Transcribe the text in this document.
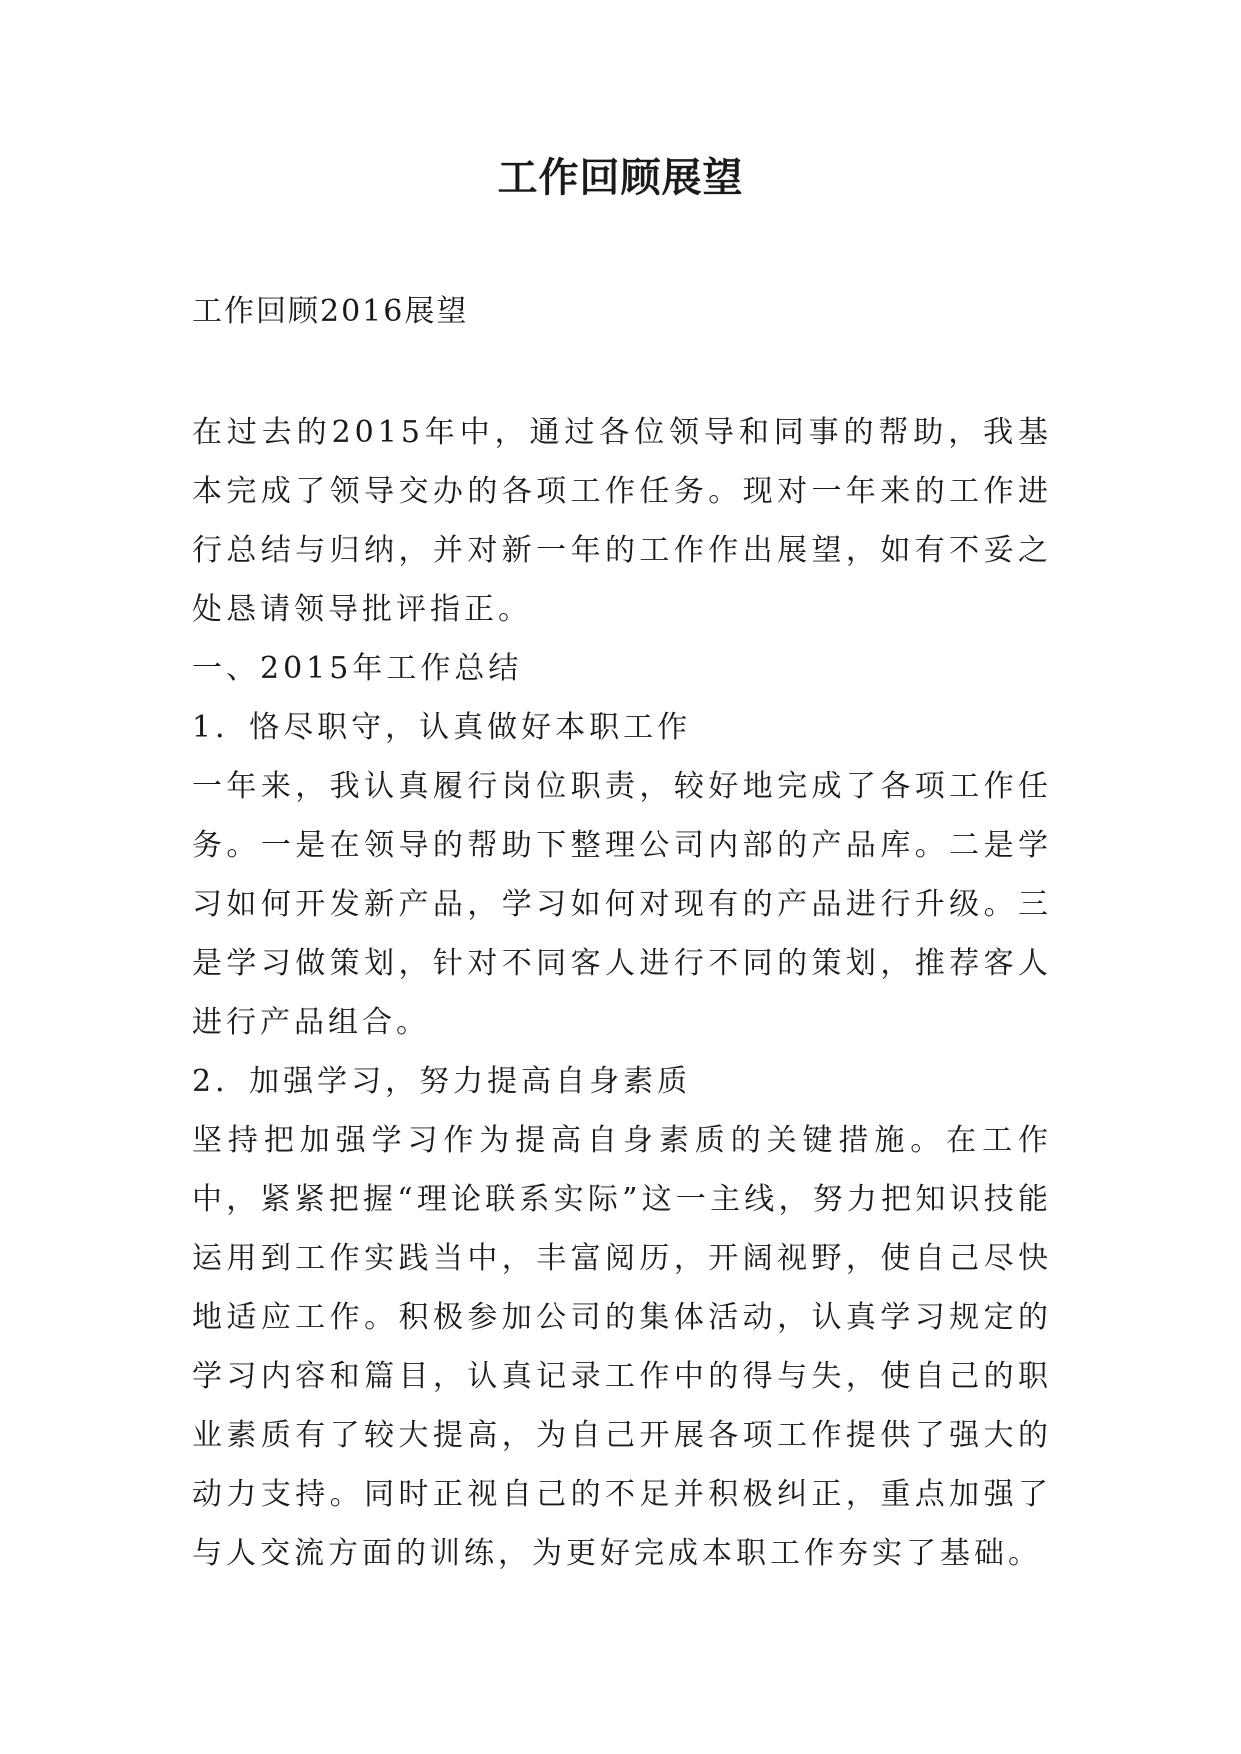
工作回顾展望
工作回顾2016展望

在过去的2015年中，通过各位领导和同事的帮助，我基本完成了领导交办的各项工作任务。现对一年来的工作进行总结与归纳，并对新一年的工作作出展望，如有不妥之处恳请领导批评指正。

一、2015年工作总结

1．恪尽职守，认真做好本职工作

一年来，我认真履行岗位职责，较好地完成了各项工作任务。一是在领导的帮助下整理公司内部的产品库。二是学习如何开发新产品，学习如何对现有的产品进行升级。三是学习做策划，针对不同客人进行不同的策划，推荐客人进行产品组合。

2．加强学习，努力提高自身素质

坚持把加强学习作为提高自身素质的关键措施。在工作中，紧紧把握“理论联系实际”这一主线，努力把知识技能运用到工作实践当中，丰富阅历，开阔视野，使自己尽快地适应工作。积极参加公司的集体活动，认真学习规定的学习内容和篇目，认真记录工作中的得与失，使自己的职业素质有了较大提高，为自己开展各项工作提供了强大的动力支持。同时正视自己的不足并积极纠正，重点加强了与人交流方面的训练，为更好完成本职工作夯实了基础。
